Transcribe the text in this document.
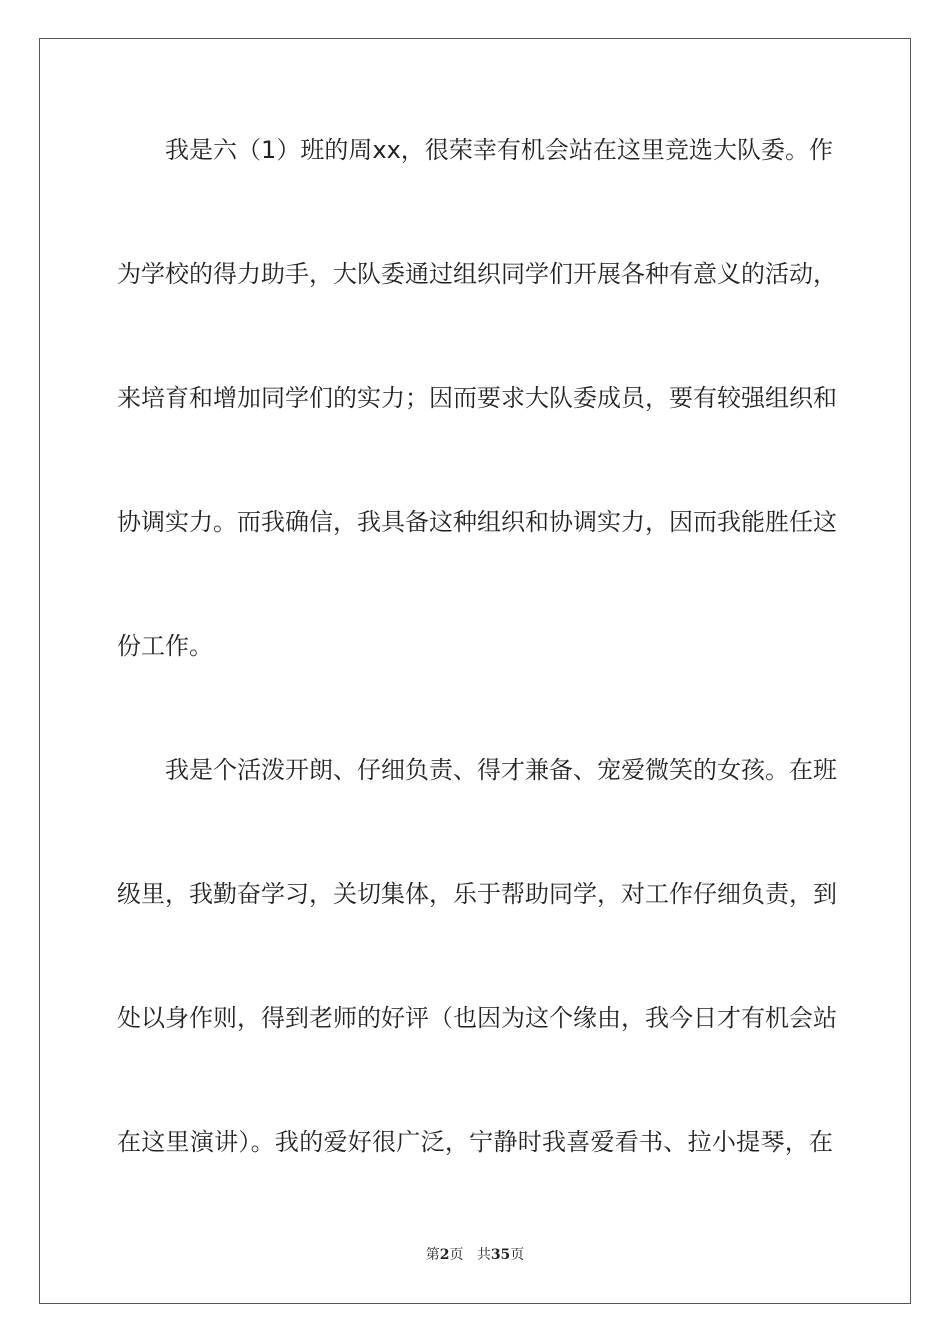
我是六（1）班的周xx，很荣幸有机会站在这里竞选大队委。作
为学校的得力助手，大队委通过组织同学们开展各种有意义的活动，
来培育和增加同学们的实力；因而要求大队委成员，要有较强组织和
协调实力。而我确信，我具备这种组织和协调实力，因而我能胜任这
份工作。
我是个活泼开朗、仔细负责、得才兼备、宠爱微笑的女孩。在班
级里，我勤奋学习，关切集体，乐于帮助同学，对工作仔细负责，到
处以身作则，得到老师的好评（也因为这个缘由，我今日才有机会站
在这里演讲）。我的爱好很广泛，宁静时我喜爱看书、拉小提琴，在
第2页 共35页
